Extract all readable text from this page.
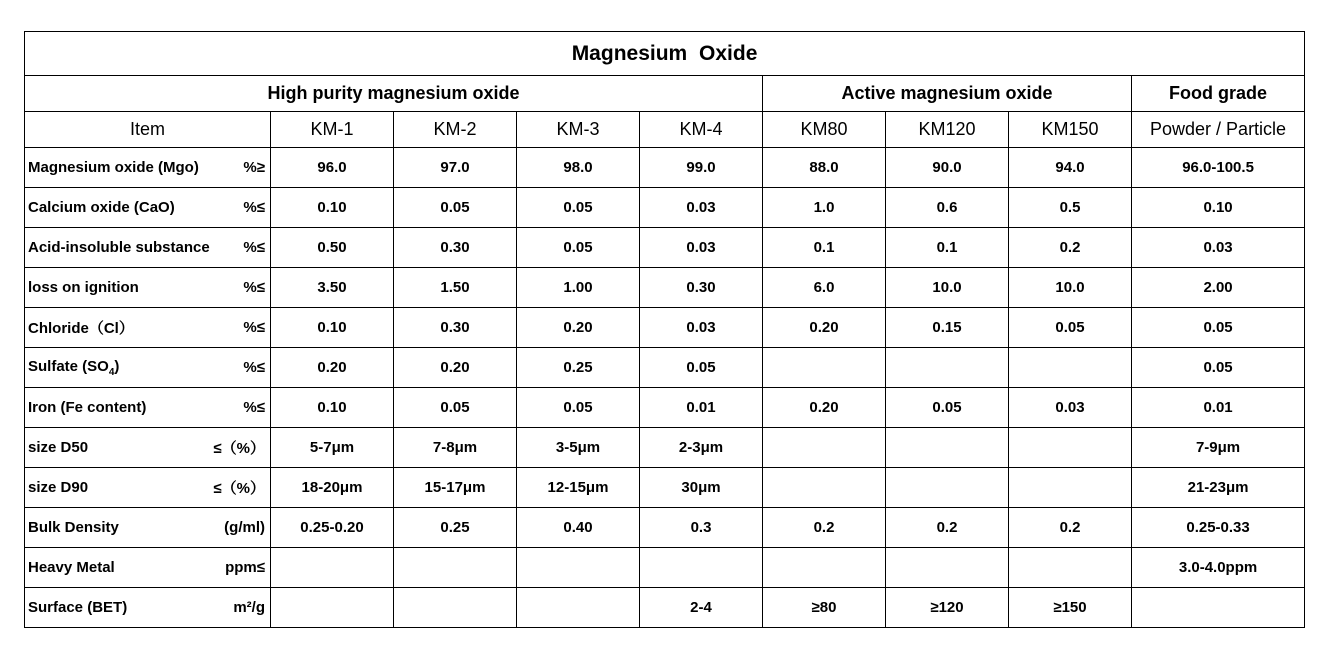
Magnesium Oxide								
High purity magnesium oxide					Active magnesium oxide			Food grade
Item	KM-1	KM-2	KM-3	KM-4	KM80	KM120	KM150	Powder / Particle

Magnesium oxide (Mgo) %≥	96.0	97.0	98.0	99.0	88.0	90.0	94.0	96.0-100.5

Calcium oxide (CaO) %≤	0.10	0.05	0.05	0.03	1.0	0.6	0.5	0.10

Acid-insoluble substance %≤	0.50	0.30	0.05	0.03	0.1	0.1	0.2	0.03

loss on ignition %≤	3.50	1.50	1.00	0.30	6.0	10.0	10.0	2.00

Chloride（Cl） %≤	0.10	0.30	0.20	0.03	0.20	0.15	0.05	0.05

Sulfate $(SO_4)$ %≤	0.20	0.20	0.25	0.05				0.05

Iron (Fe content) %≤	0.10	0.05	0.05	0.01	0.20	0.05	0.03	0.01

size D50 ≤（%）	5-7μm	7-8μm	3-5μm	2-3μm				7-9μm

size D90 ≤（%）	18-20μm	15-17μm	12-15μm	30μm				21-23μm

Bulk Density (g/ml)	0.25-0.20	0.25	0.40	0.3	0.2	0.2	0.2	0.25-0.33

Heavy Metal ppm≤								3.0-4.0ppm

Surface (BET) m²/g				2-4	≥80	≥120	≥150	
